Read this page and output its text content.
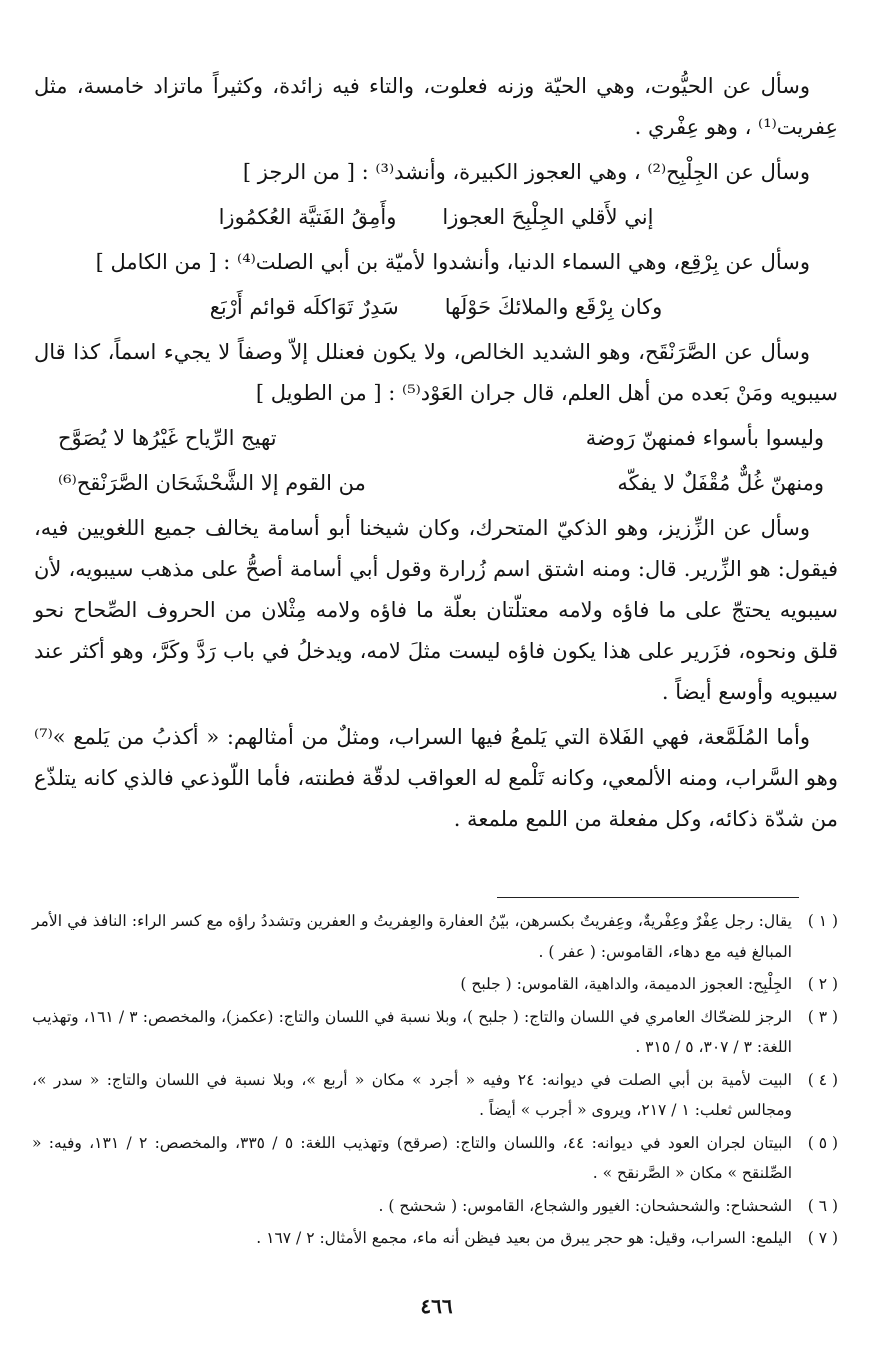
وسأل عن الحيُّوت، وهي الحيّة وزنه فعلوت، والتاء فيه زائدة، وكثيراً ماتزاد خامسة، مثل عِفريت⁽¹⁾ ، وهو عِفْري .

وسأل عن الجِلْبِح⁽²⁾ ، وهي العجوز الكبيرة، وأنشد⁽³⁾ : [ من الرجز ]

إني لأَقلي الجِلْبِحَ العجوزا
وأَمِقُ الفَتيَّة العُكمُوزا

وسأل عن بِرْقِع، وهي السماء الدنيا، وأنشدوا لأميّة بن أبي الصلت⁽⁴⁾ : [ من الكامل ]

وكان بِرْقَع والملائكَ حَوْلَها
سَدِرٌ تَوَاكلَه قوائم أَرْبَع

وسأل عن الصَّرَنْقَح، وهو الشديد الخالص، ولا يكون فعنلل إلاّ وصفاً لا يجيء اسماً، كذا قال سيبويه ومَنْ بَعده من أهل العلم، قال جران العَوْد⁽⁵⁾ : [ من الطويل ]

وليسوا بأسواء فمنهنّ رَوضة
تهيج الرِّياح غَيْرُها لا يُصَوَّح
ومنهنّ غُلٌّ مُقْفَلٌ لا يفكّه
من القوم إلا الشَّحْشَحَان الصَّرَنْقح⁽⁶⁾

وسأل عن الزِّزيز، وهو الذكيّ المتحرك، وكان شيخنا أبو أسامة يخالف جميع اللغويين فيه، فيقول: هو الزِّرير. قال: ومنه اشتق اسم زُرارة وقول أبي أسامة أصحُّ على مذهب سيبويه، لأن سيبويه يحتجّ على ما فاؤه ولامه معتلّتان بعلّة ما فاؤه ولامه مِثْلان من الحروف الصِّحاح نحو قلق ونحوه، فزَرير على هذا يكون فاؤه ليست مثلَ لامه، ويدخلُ في باب رَدَّ وكَرَّ، وهو أكثر عند سيبويه وأوسع أيضاً .

وأما المُلَمَّعة، فهي الفَلاة التي يَلمعُ فيها السراب، ومثلٌ من أمثالهم: « أكذبُ من يَلمع »⁽⁷⁾ وهو السَّراب، ومنه الألمعي، وكانه تَلْمع له العواقب لدقّة فطنته، فأما اللّوذعي فالذي كانه يتلذّع من شدّة ذكائه، وكل مفعلة من اللمع ملمعة .

( ١ )
يقال: رجل عِفْرٌ وعِفْريةٌ، وعِفريتٌ بكسرهن، بيّنُ العفارة والعِفريتُ و العفرين وتشددُ راؤه مع كسر الراء: النافذ في الأمر المبالغ فيه مع دهاء، القاموس: ( عفر ) .
( ٢ )
الجِلْبِح: العجوز الدميمة، والداهية، القاموس: ( جلبح )
( ٣ )
الرجز للضحّاك العامري في اللسان والتاج: ( جلبح )، وبلا نسبة في اللسان والتاج: (عكمز)، والمخصص: ٣ / ١٦١، وتهذيب اللغة: ٣ / ٣٠٧، ٥ / ٣١٥ .
( ٤ )
البيت لأمية بن أبي الصلت في ديوانه: ٢٤ وفيه « أجرد » مكان « أربع »، وبلا نسبة في اللسان والتاج: « سدر »، ومجالس ثعلب: ١ / ٢١٧، ويروى « أجرب » أيضاً .
( ٥ )
البيتان لجران العود في ديوانه: ٤٤، واللسان والتاج: (صرقح) وتهذيب اللغة: ٥ / ٣٣٥، والمخصص: ٢ / ١٣١، وفيه: « الصِّلنقح » مكان « الصَّرنقح » .
( ٦ )
الشحشاح: والشحشحان: الغيور والشجاع، القاموس: ( شحشح ) .
( ٧ )
اليلمع: السراب، وقيل: هو حجر يبرق من بعيد فيظن أنه ماء، مجمع الأمثال: ٢ / ١٦٧ .
٤٦٦
